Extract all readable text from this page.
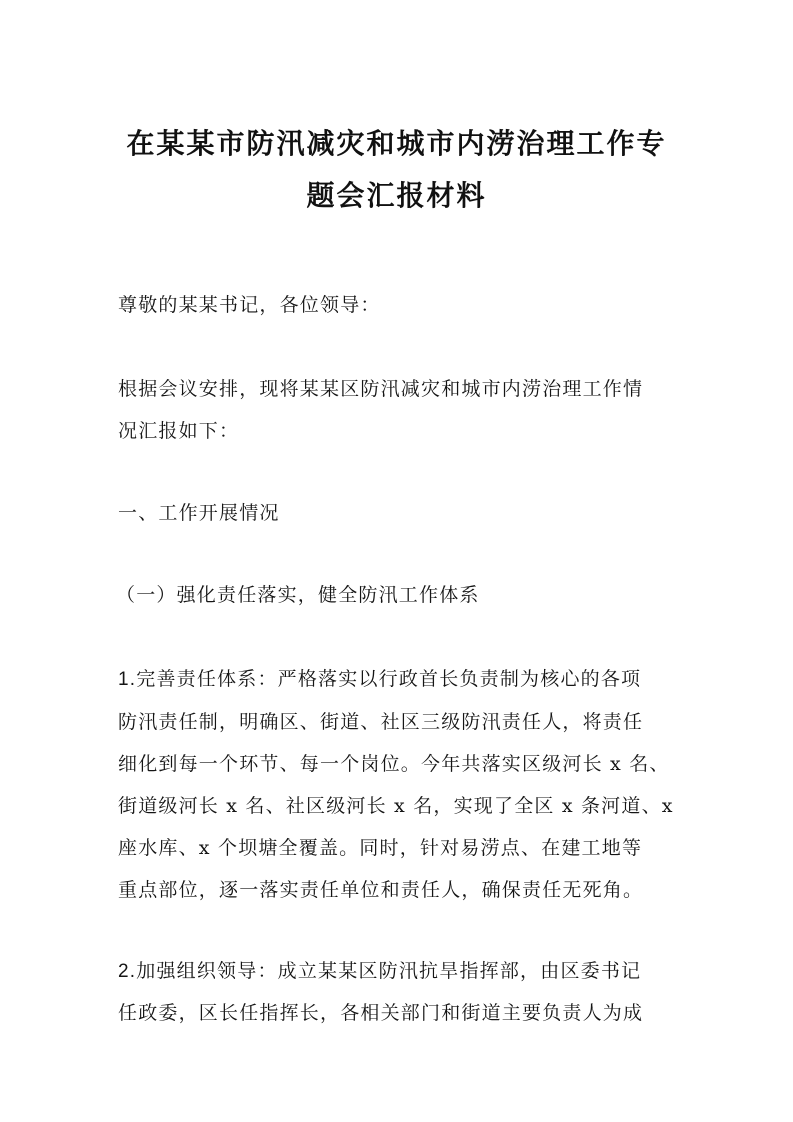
在某某市防汛减灾和城市内涝治理工作专
题会汇报材料
尊敬的某某书记，各位领导：
根据会议安排，现将某某区防汛减灾和城市内涝治理工作情
况汇报如下：
一、工作开展情况
（一）强化责任落实，健全防汛工作体系
1.完善责任体系：严格落实以行政首长负责制为核心的各项
防汛责任制，明确区、街道、社区三级防汛责任人，将责任
细化到每一个环节、每一个岗位。今年共落实区级河长 x 名、
街道级河长 x 名、社区级河长 x 名，实现了全区 x 条河道、x
座水库、x 个坝塘全覆盖。同时，针对易涝点、在建工地等
重点部位，逐一落实责任单位和责任人，确保责任无死角。
2.加强组织领导：成立某某区防汛抗旱指挥部，由区委书记
任政委，区长任指挥长，各相关部门和街道主要负责人为成
